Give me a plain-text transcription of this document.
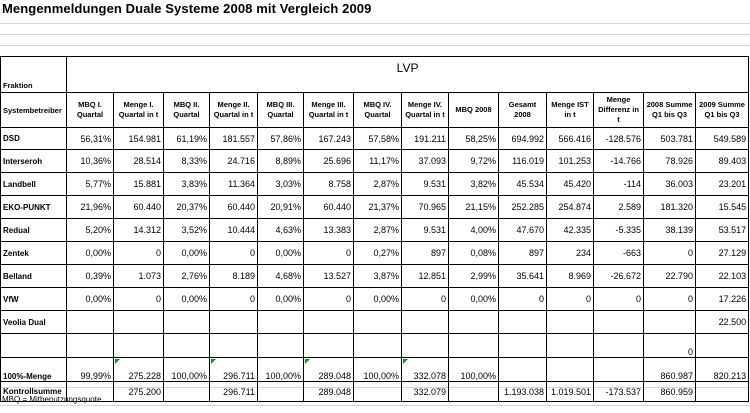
Mengenmeldungen Duale Systeme 2008 mit Vergleich 2009
	LVP													
Fraktion														
Systembetreiber	MBQ I. Quartal	Menge I. Quartal in t	MBQ II. Quartal	Menge II. Quartal in t	MBQ III. Quartal	Menge III. Quartal in t	MBQ IV. Quartal	Menge IV. Quartal in t	MBQ 2008	Gesamt 2008	Menge IST in t	Menge Differenz in t	2008 Summe Q1 bis Q3	2009 Summe Q1 bis Q3
DSD	56,31%	154.981	61,19%	181.557	57,86%	167.243	57,58%	191.211	58,25%	694.992	566.416	-128.576	503.781	549.589
Interseroh	10,36%	28.514	8,33%	24.716	8,89%	25.696	11,17%	37.093	9,72%	116.019	101.253	-14.766	78.926	89.403
Landbell	5,77%	15.881	3,83%	11.364	3,03%	8.758	2,87%	9.531	3,82%	45.534	45.420	-114	36.003	23.201
EKO-PUNKT	21,96%	60.440	20,37%	60.440	20,91%	60.440	21,37%	70.965	21,15%	252.285	254.874	2.589	181.320	15.545
Redual	5,20%	14.312	3,52%	10.444	4,63%	13.383	2,87%	9.531	4,00%	47.670	42.335	-5.335	38.139	53.517
Zentek	0,00%	0	0,00%	0	0,00%	0	0,27%	897	0,08%	897	234	-663	0	27.129
Belland	0,39%	1.073	2,76%	8.189	4,68%	13.527	3,87%	12.851	2,99%	35.641	8.969	-26.672	22.790	22.103
VfW	0,00%	0	0,00%	0	0,00%	0	0,00%	0	0,00%	0	0	0	0	17.226
Veolia Dual														22.500
													0	
100%-Menge	99,99%	275.228	100,00%	296.711	100,00%	289.048	100,00%	332.078	100,00%				860.987	820.213
Kontrollsumme		275.200		296.711		289.048		332.079		1.193.038	1.019.501	-173.537	860.959	
MBQ = Mitbenutzungsquote
